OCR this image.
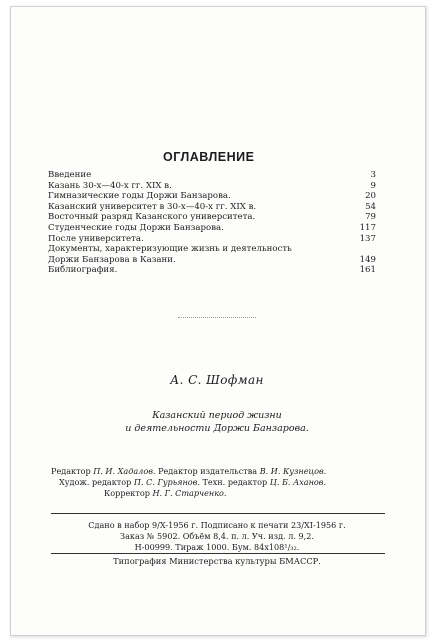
ОГЛАВЛЕНИЕ
Введение	3
Казань 30-х—40-х гг. XIX в.	9
Гимназические годы Доржи Банзарова.	20
Казанский университет в 30-х—40-х гг. XIX в.	54
Восточный разряд Казанского университета.	79
Студенческие годы Доржи Банзарова.	117
После университета.	137
Документы, характеризующие жизнь и деятельность
Доржи Банзарова в Казани.	149
Библиография.	161
А. С. Шофман
Казанский период жизни
и деятельности Доржи Банзарова.
Редактор П. И. Хадалов. Редактор издательства В. И. Кузнецов.
Худож. редактор П. С. Гурьянов. Техн. редактор Ц. Б. Аханов.
Корректор Н. Г. Старченко.
Сдано в набор 9/X-1956 г. Подписано к печати 23/XI-1956 г.
Заказ № 5902. Объём 8,4. п. л. Уч. изд. л. 9,2.
Н-00999. Тираж 1000. Бум. 84х108¹/₃₂.
Типография Министерства культуры БМАССР.
